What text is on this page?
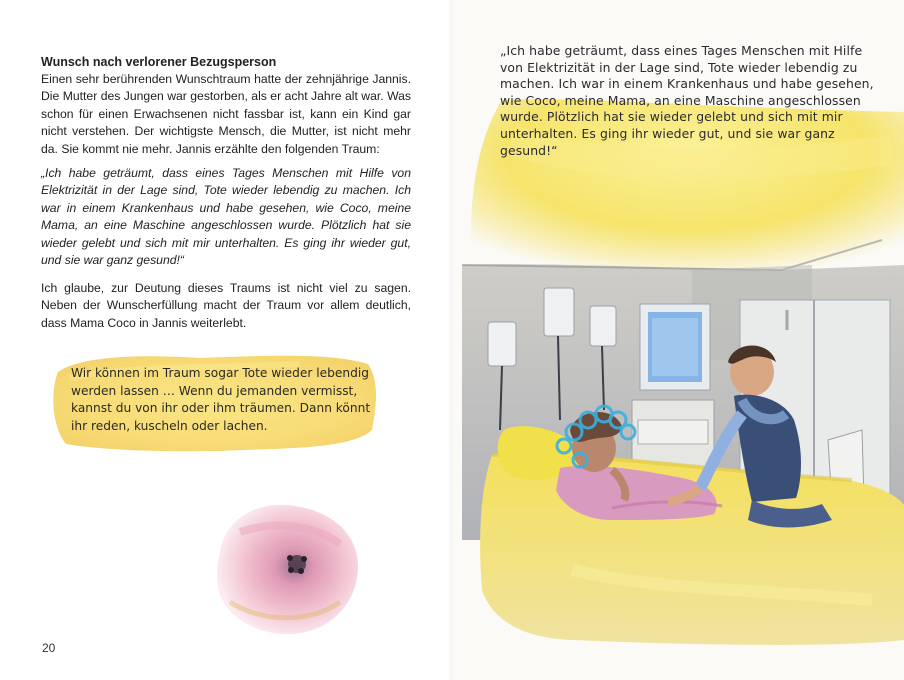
Wunsch nach verlorener Bezugsperson

Einen sehr berührenden Wunschtraum hatte der zehnjährige Jannis. Die Mutter des Jungen war gestorben, als er acht Jahre alt war. Was schon für einen Erwachsenen nicht fassbar ist, kann ein Kind gar nicht verstehen. Der wichtigste Mensch, die Mutter, ist nicht mehr da. Sie kommt nie mehr. Jannis erzählte den folgenden Traum:

„Ich habe geträumt, dass eines Tages Menschen mit Hilfe von Elektrizität in der Lage sind, Tote wieder lebendig zu machen. Ich war in einem Krankenhaus und habe gesehen, wie Coco, meine Mama, an eine Maschine angeschlossen wurde. Plötzlich hat sie wieder gelebt und sich mit mir unterhalten. Es ging ihr wieder gut, und sie war ganz gesund!“

Ich glaube, zur Deutung dieses Traums ist nicht viel zu sagen. Neben der Wunscherfüllung macht der Traum vor allem deutlich, dass Mama Coco in Jannis weiterlebt.

Wir können im Traum sogar Tote wieder lebendig werden lassen … Wenn du jemanden vermisst, kannst du von ihr oder ihm träumen. Dann könnt ihr reden, kuscheln oder lachen.

20

„Ich habe geträumt, dass eines Tages Menschen mit Hilfe von Elektrizität in der Lage sind, Tote wieder lebendig zu machen. Ich war in einem Krankenhaus und habe gesehen, wie Coco, meine Mama, an eine Maschine angeschlossen wurde. Plötzlich hat sie wieder gelebt und sich mit mir unterhalten. Es ging ihr wieder gut, und sie war ganz gesund!“
